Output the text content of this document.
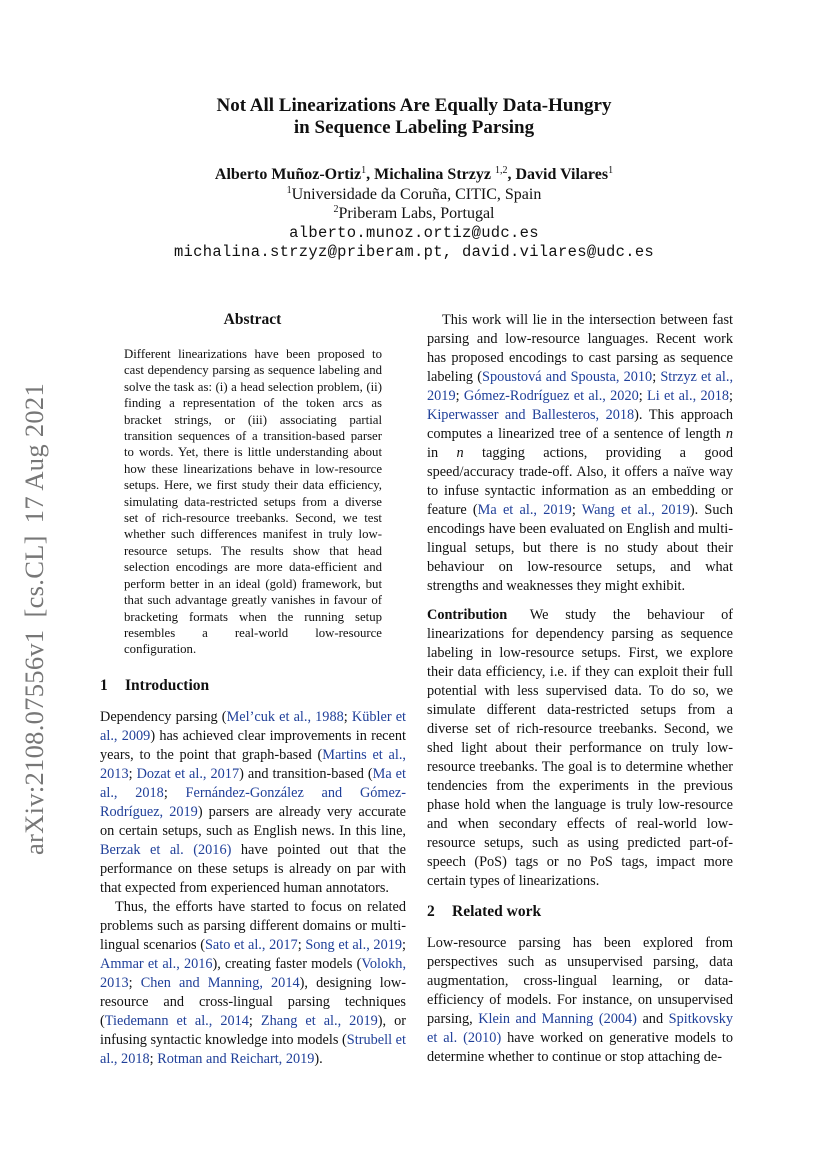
arXiv:2108.07556v1[cs.CL]17 Aug 2021
Not All Linearizations Are Equally Data-Hungry
in Sequence Labeling Parsing
Alberto Muñoz-Ortiz$^1$, Michalina Strzyz $^{1,2}$, David Vilares$^1$
$^1$Universidade da Coruña, CITIC, Spain
$^2$Priberam Labs, Portugal
alberto.munoz.ortiz@udc.es
michalina.strzyz@priberam.pt, david.vilares@udc.es
Abstract
Different linearizations have been proposed to cast dependency parsing as sequence labeling and solve the task as: (i) a head selection problem, (ii) finding a representation of the token arcs as bracket strings, or (iii) associating partial transition sequences of a transition-based parser to words. Yet, there is little understanding about how these linearizations behave in low-resource setups. Here, we first study their data efficiency, simulating data-restricted setups from a diverse set of rich-resource treebanks. Second, we test whether such differences manifest in truly low-resource setups. The results show that head selection encodings are more data-efficient and perform better in an ideal (gold) framework, but that such advantage greatly vanishes in favour of bracketing formats when the running setup resembles a real-world low-resource configuration.
1 Introduction

Dependency parsing (Mel’cuk et al., 1988; Kübler et al., 2009) has achieved clear improvements in recent years, to the point that graph-based (Martins et al., 2013; Dozat et al., 2017) and transition-based (Ma et al., 2018; Fernández-González and Gómez-Rodríguez, 2019) parsers are already very accurate on certain setups, such as English news. In this line, Berzak et al. (2016) have pointed out that the performance on these setups is already on par with that expected from experienced human annotators.

Thus, the efforts have started to focus on related problems such as parsing different domains or multi-lingual scenarios (Sato et al., 2017; Song et al., 2019; Ammar et al., 2016), creating faster models (Volokh, 2013; Chen and Manning, 2014), designing low-resource and cross-lingual parsing techniques (Tiedemann et al., 2014; Zhang et al., 2019), or infusing syntactic knowledge into models (Strubell et al., 2018; Rotman and Reichart, 2019).

This work will lie in the intersection between fast parsing and low-resource languages. Recent work has proposed encodings to cast parsing as sequence labeling (Spoustová and Spousta, 2010; Strzyz et al., 2019; Gómez-Rodríguez et al., 2020; Li et al., 2018; Kiperwasser and Ballesteros, 2018). This approach computes a linearized tree of a sentence of length n in n tagging actions, providing a good speed/accuracy trade-off. Also, it offers a naïve way to infuse syntactic information as an embedding or feature (Ma et al., 2019; Wang et al., 2019). Such encodings have been evaluated on English and multi-lingual setups, but there is no study about their behaviour on low-resource setups, and what strengths and weaknesses they might exhibit.

Contribution We study the behaviour of linearizations for dependency parsing as sequence labeling in low-resource setups. First, we explore their data efficiency, i.e. if they can exploit their full potential with less supervised data. To do so, we simulate different data-restricted setups from a diverse set of rich-resource treebanks. Second, we shed light about their performance on truly low-resource treebanks. The goal is to determine whether tendencies from the experiments in the previous phase hold when the language is truly low-resource and when secondary effects of real-world low-resource setups, such as using predicted part-of-speech (PoS) tags or no PoS tags, impact more certain types of linearizations.

2 Related work

Low-resource parsing has been explored from perspectives such as unsupervised parsing, data augmentation, cross-lingual learning, or data-efficiency of models. For instance, on unsupervised parsing, Klein and Manning (2004) and Spitkovsky et al. (2010) have worked on generative models to determine whether to continue or stop attaching de-
